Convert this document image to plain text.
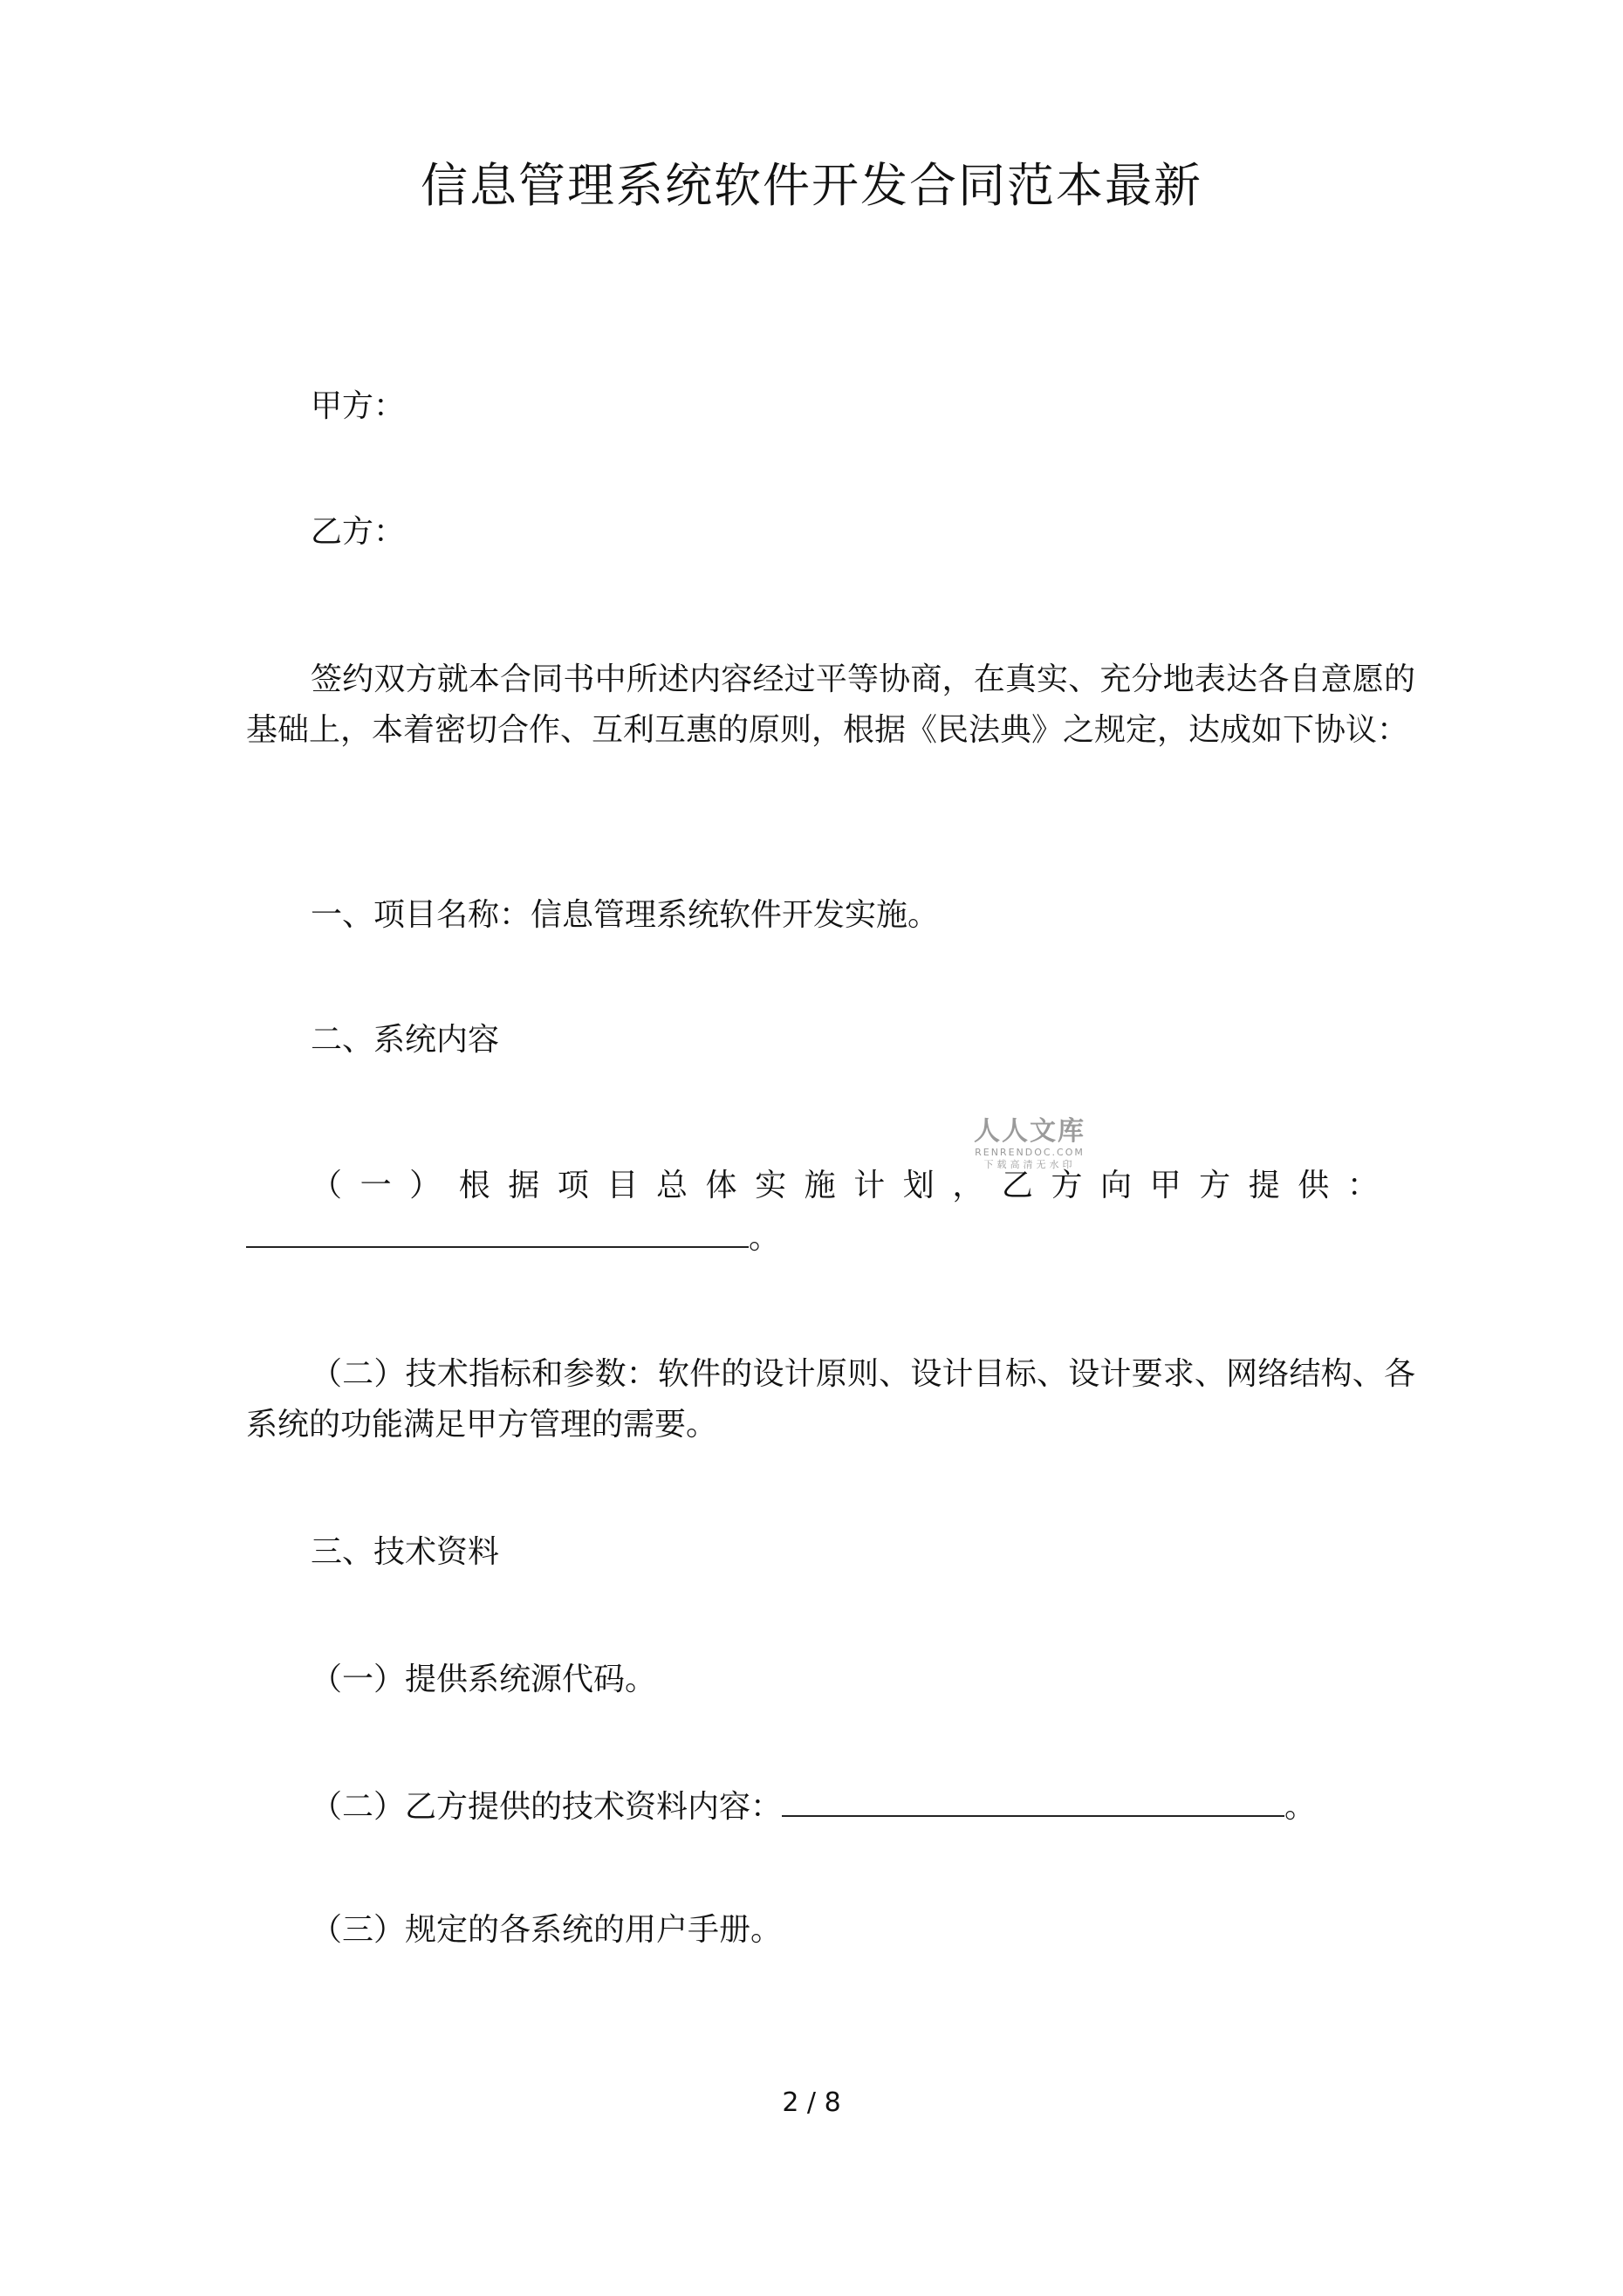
信息管理系统软件开发合同范本最新
甲方：
乙方：
签约双方就本合同书中所述内容经过平等协商，在真实、充分地表达各自意愿的基础上，本着密切合作、互利互惠的原则，根据《民法典》之规定，达成如下协议：
一、项目名称：信息管理系统软件开发实施。
二、系统内容
（ 一 ） 根 据 项 目 总 体 实 施 计 划 ， 乙 方 向 甲 方 提 供 ：
。
（二）技术指标和参数：软件的设计原则、设计目标、设计要求、网络结构、各系统的功能满足甲方管理的需要。
三、技术资料
（一）提供系统源代码。
（二）乙方提供的技术资料内容：	。
（三）规定的各系统的用户手册。
人人文库
RENRENDOC.COM
下载高清无水印
2 / 8
